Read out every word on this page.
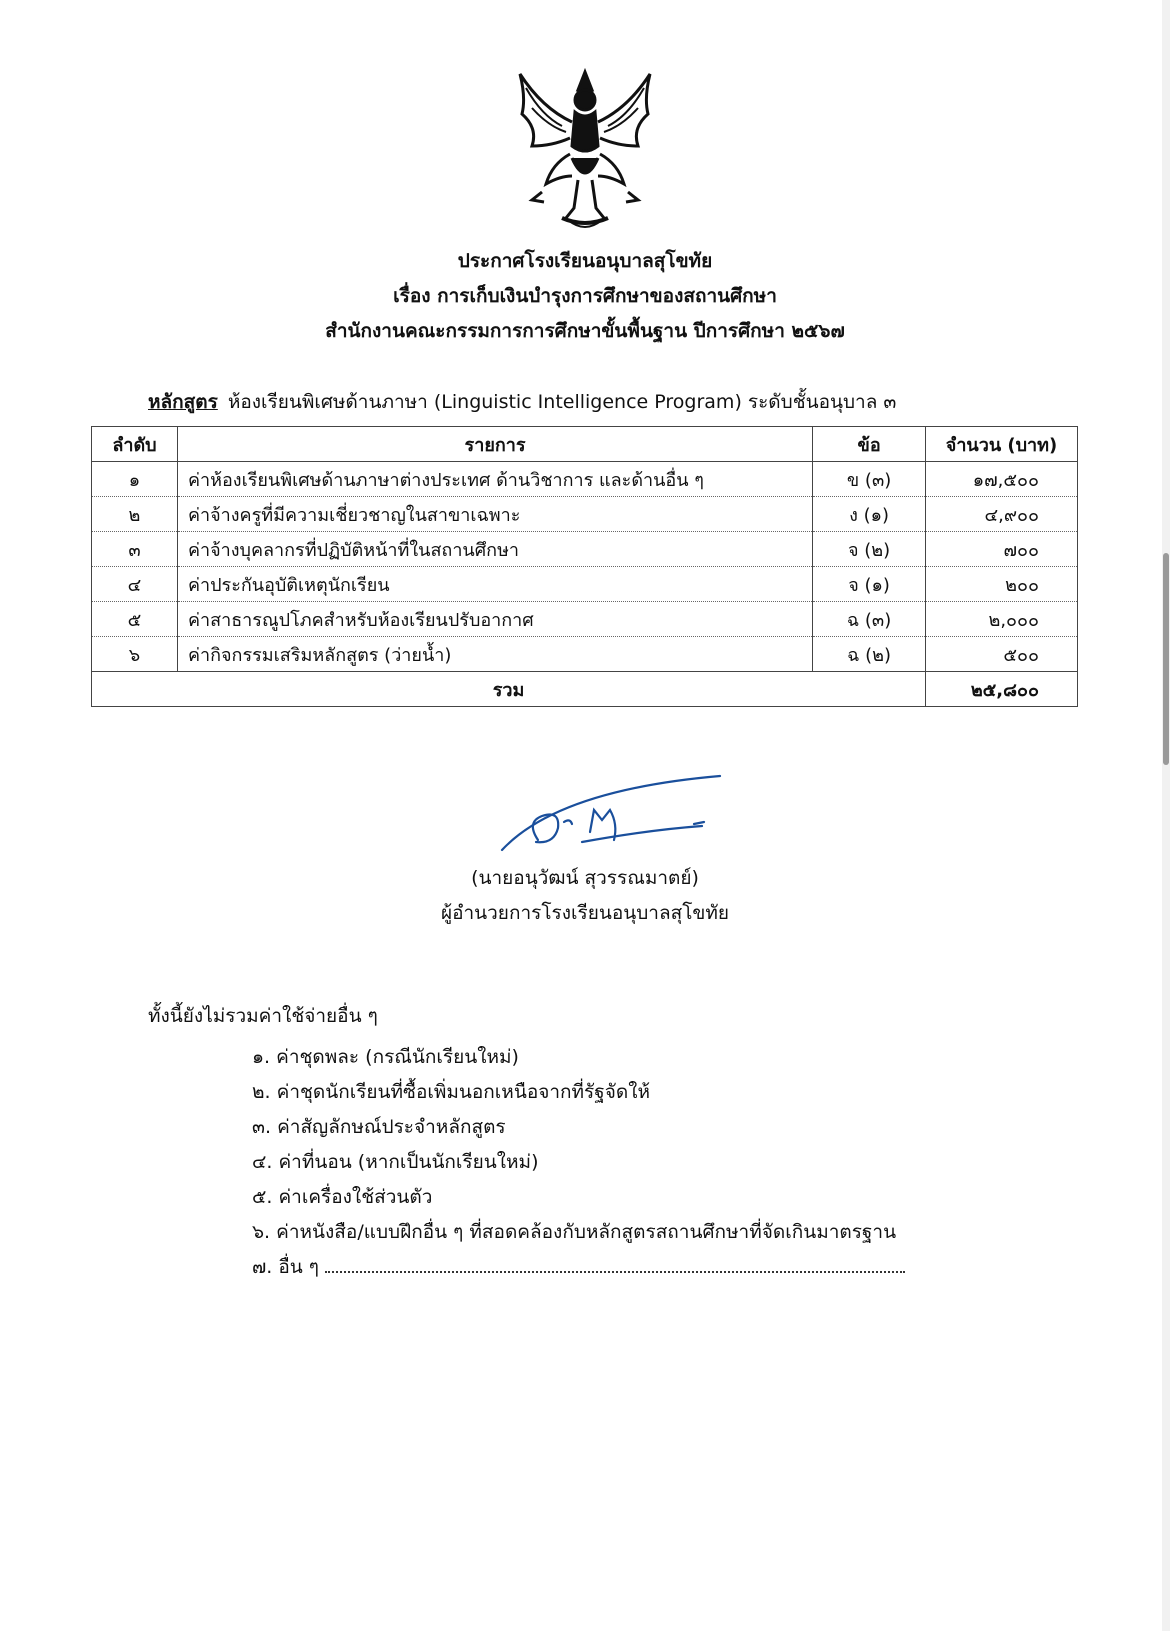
ประกาศโรงเรียนอนุบาลสุโขทัย
เรื่อง การเก็บเงินบำรุงการศึกษาของสถานศึกษา
สำนักงานคณะกรรมการการศึกษาขั้นพื้นฐาน ปีการศึกษา ๒๕๖๗
หลักสูตร ห้องเรียนพิเศษด้านภาษา (Linguistic Intelligence Program) ระดับชั้นอนุบาล ๓
ลำดับ	รายการ	ข้อ	จำนวน (บาท)
๑	ค่าห้องเรียนพิเศษด้านภาษาต่างประเทศ ด้านวิชาการ และด้านอื่น ๆ	ข (๓)	๑๗,๕๐๐
๒	ค่าจ้างครูที่มีความเชี่ยวชาญในสาขาเฉพาะ	ง (๑)	๔,๙๐๐
๓	ค่าจ้างบุคลากรที่ปฏิบัติหน้าที่ในสถานศึกษา	จ (๒)	๗๐๐
๔	ค่าประกันอุบัติเหตุนักเรียน	จ (๑)	๒๐๐
๕	ค่าสาธารณูปโภคสำหรับห้องเรียนปรับอากาศ	ฉ (๓)	๒,๐๐๐
๖	ค่ากิจกรรมเสริมหลักสูตร (ว่ายน้ำ)	ฉ (๒)	๕๐๐
รวม			๒๕,๘๐๐
(นายอนุวัฒน์ สุวรรณมาตย์)
ผู้อำนวยการโรงเรียนอนุบาลสุโขทัย
ทั้งนี้ยังไม่รวมค่าใช้จ่ายอื่น ๆ
๑. ค่าชุดพละ (กรณีนักเรียนใหม่)
๒. ค่าชุดนักเรียนที่ซื้อเพิ่มนอกเหนือจากที่รัฐจัดให้
๓. ค่าสัญลักษณ์ประจำหลักสูตร
๔. ค่าที่นอน (หากเป็นนักเรียนใหม่)
๕. ค่าเครื่องใช้ส่วนตัว
๖. ค่าหนังสือ/แบบฝึกอื่น ๆ ที่สอดคล้องกับหลักสูตรสถานศึกษาที่จัดเกินมาตรฐาน
๗. อื่น ๆ
